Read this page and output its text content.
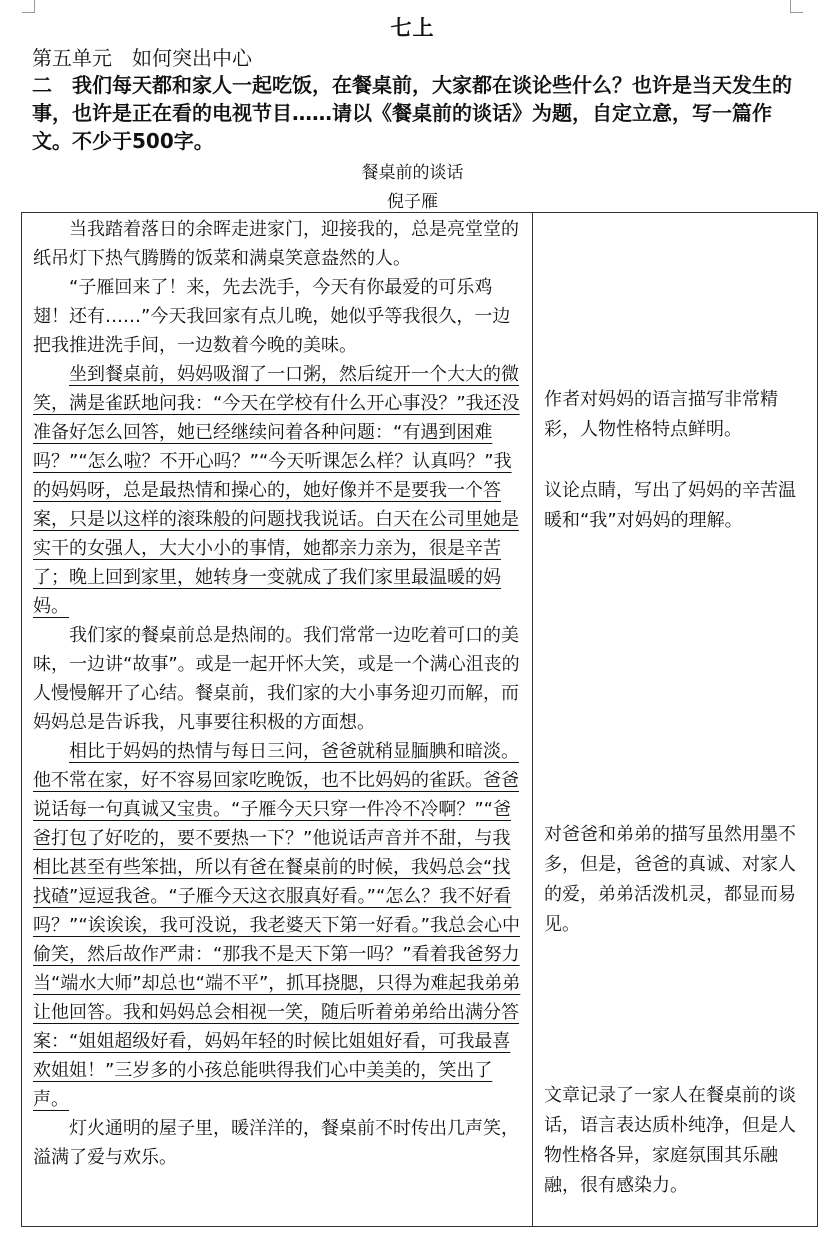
七上
第五单元　如何突出中心
二　我们每天都和家人一起吃饭，在餐桌前，大家都在谈论些什么？也许是当天发生的事，也许是正在看的电视节目……请以《餐桌前的谈话》为题，自定立意，写一篇作文。不少于500字。
餐桌前的谈话
倪子雁

当我踏着落日的余晖走进家门，迎接我的，总是亮堂堂的纸吊灯下热气腾腾的饭菜和满桌笑意盎然的人。

“子雁回来了！来，先去洗手，今天有你最爱的可乐鸡翅！还有……”今天我回家有点儿晚，她似乎等我很久，一边把我推进洗手间，一边数着今晚的美味。

坐到餐桌前，妈妈吸溜了一口粥，然后绽开一个大大的微笑，满是雀跃地问我：“今天在学校有什么开心事没？”我还没准备好怎么回答，她已经继续问着各种问题：“有遇到困难吗？”“怎么啦？不开心吗？”“今天听课怎么样？认真吗？”我的妈妈呀，总是最热情和操心的，她好像并不是要我一个答案，只是以这样的滚珠般的问题找我说话。白天在公司里她是实干的女强人，大大小小的事情，她都亲力亲为，很是辛苦了；晚上回到家里，她转身一变就成了我们家里最温暖的妈妈。

我们家的餐桌前总是热闹的。我们常常一边吃着可口的美味，一边讲“故事”。或是一起开怀大笑，或是一个满心沮丧的人慢慢解开了心结。餐桌前，我们家的大小事务迎刃而解，而妈妈总是告诉我，凡事要往积极的方面想。

相比于妈妈的热情与每日三问，爸爸就稍显腼腆和暗淡。他不常在家，好不容易回家吃晚饭，也不比妈妈的雀跃。爸爸说话每一句真诚又宝贵。“子雁今天只穿一件冷不冷啊？”“爸爸打包了好吃的，要不要热一下？”他说话声音并不甜，与我相比甚至有些笨拙，所以有爸在餐桌前的时候，我妈总会“找找碴”逗逗我爸。“子雁今天这衣服真好看。”“怎么？我不好看吗？”“诶诶诶，我可没说，我老婆天下第一好看。”我总会心中偷笑，然后故作严肃：“那我不是天下第一吗？”看着我爸努力当“端水大师”却总也“端不平”，抓耳挠腮，只得为难起我弟弟让他回答。我和妈妈总会相视一笑，随后听着弟弟给出满分答案：“姐姐超级好看，妈妈年轻的时候比姐姐好看，可我最喜欢姐姐！”三岁多的小孩总能哄得我们心中美美的，笑出了声。

灯火通明的屋子里，暖洋洋的，餐桌前不时传出几声笑，溢满了爱与欢乐。

作者对妈妈的语言描写非常精彩，人物性格特点鲜明。

议论点睛，写出了妈妈的辛苦温暖和“我”对妈妈的理解。

对爸爸和弟弟的描写虽然用墨不多，但是，爸爸的真诚、对家人的爱，弟弟活泼机灵，都显而易见。

文章记录了一家人在餐桌前的谈话，语言表达质朴纯净，但是人物性格各异，家庭氛围其乐融融，很有感染力。
